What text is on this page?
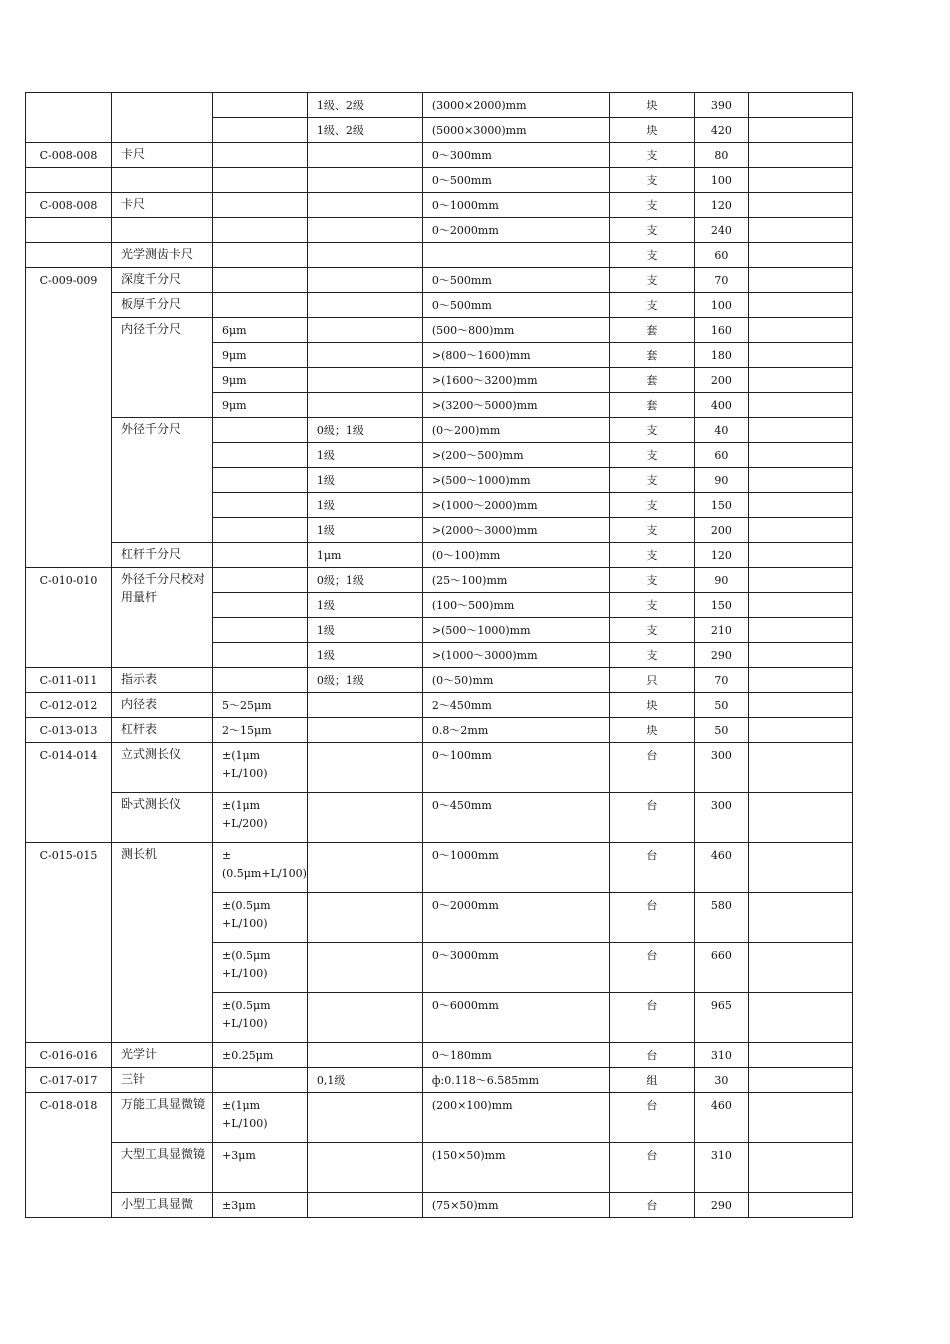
			1级、2级	(3000×2000)mm	块	390	

			1级、2级	(5000×3000)mm	块	420	

C-008-008	卡尺			0～300mm	支	80	

				0～500mm	支	100	

C-008-008	卡尺			0～1000mm	支	120	

				0～2000mm	支	240	

	光学测齿卡尺				支	60	

C-009-009	深度千分尺			0～500mm	支	70	

	板厚千分尺			0～500mm	支	100	

	内径千分尺	6μm		(500～800)mm	套	160	

		9μm		>(800～1600)mm	套	180	

		9μm		>(1600～3200)mm	套	200	

		9μm		>(3200～5000)mm	套	400	

	外径千分尺		0级；1级	(0～200)mm	支	40	

			1级	>(200～500)mm	支	60	

			1级	>(500～1000)mm	支	90	

			1级	>(1000～2000)mm	支	150	

			1级	>(2000～3000)mm	支	200	

	杠杆千分尺		1μm	(0～100)mm	支	120	

C-010-010	外径千分尺校对用量杆		0级；1级	(25～100)mm	支	90	

			1级	(100～500)mm	支	150	

			1级	>(500～1000)mm	支	210	

			1级	>(1000～3000)mm	支	290	

C-011-011	指示表		0级；1级	(0～50)mm	只	70	

C-012-012	内径表	5～25μm		2～450mm	块	50	

C-013-013	杠杆表	2～15μm		0.8～2mm	块	50	

C-014-014	立式测长仪	±(1μm +L/100)		0～100mm	台	300	

	卧式测长仪	±(1μm +L/200)		0～450mm	台	300	

C-015-015	测长机	±(0.5μm+L/100)		0～1000mm	台	460	

		±(0.5μm +L/100)		0～2000mm	台	580	

		±(0.5μm +L/100)		0～3000mm	台	660	

		±(0.5μm +L/100)		0～6000mm	台	965	

C-016-016	光学计	±0.25μm		0～180mm	台	310	

C-017-017	三针		0,1级	ф:0.118～6.585mm	组	30	

C-018-018	万能工具显微镜	±(1μm +L/100)		(200×100)mm	台	460	

	大型工具显微镜	+3μm		(150×50)mm	台	310	

	小型工具显微	±3μm		(75×50)mm	台	290	
